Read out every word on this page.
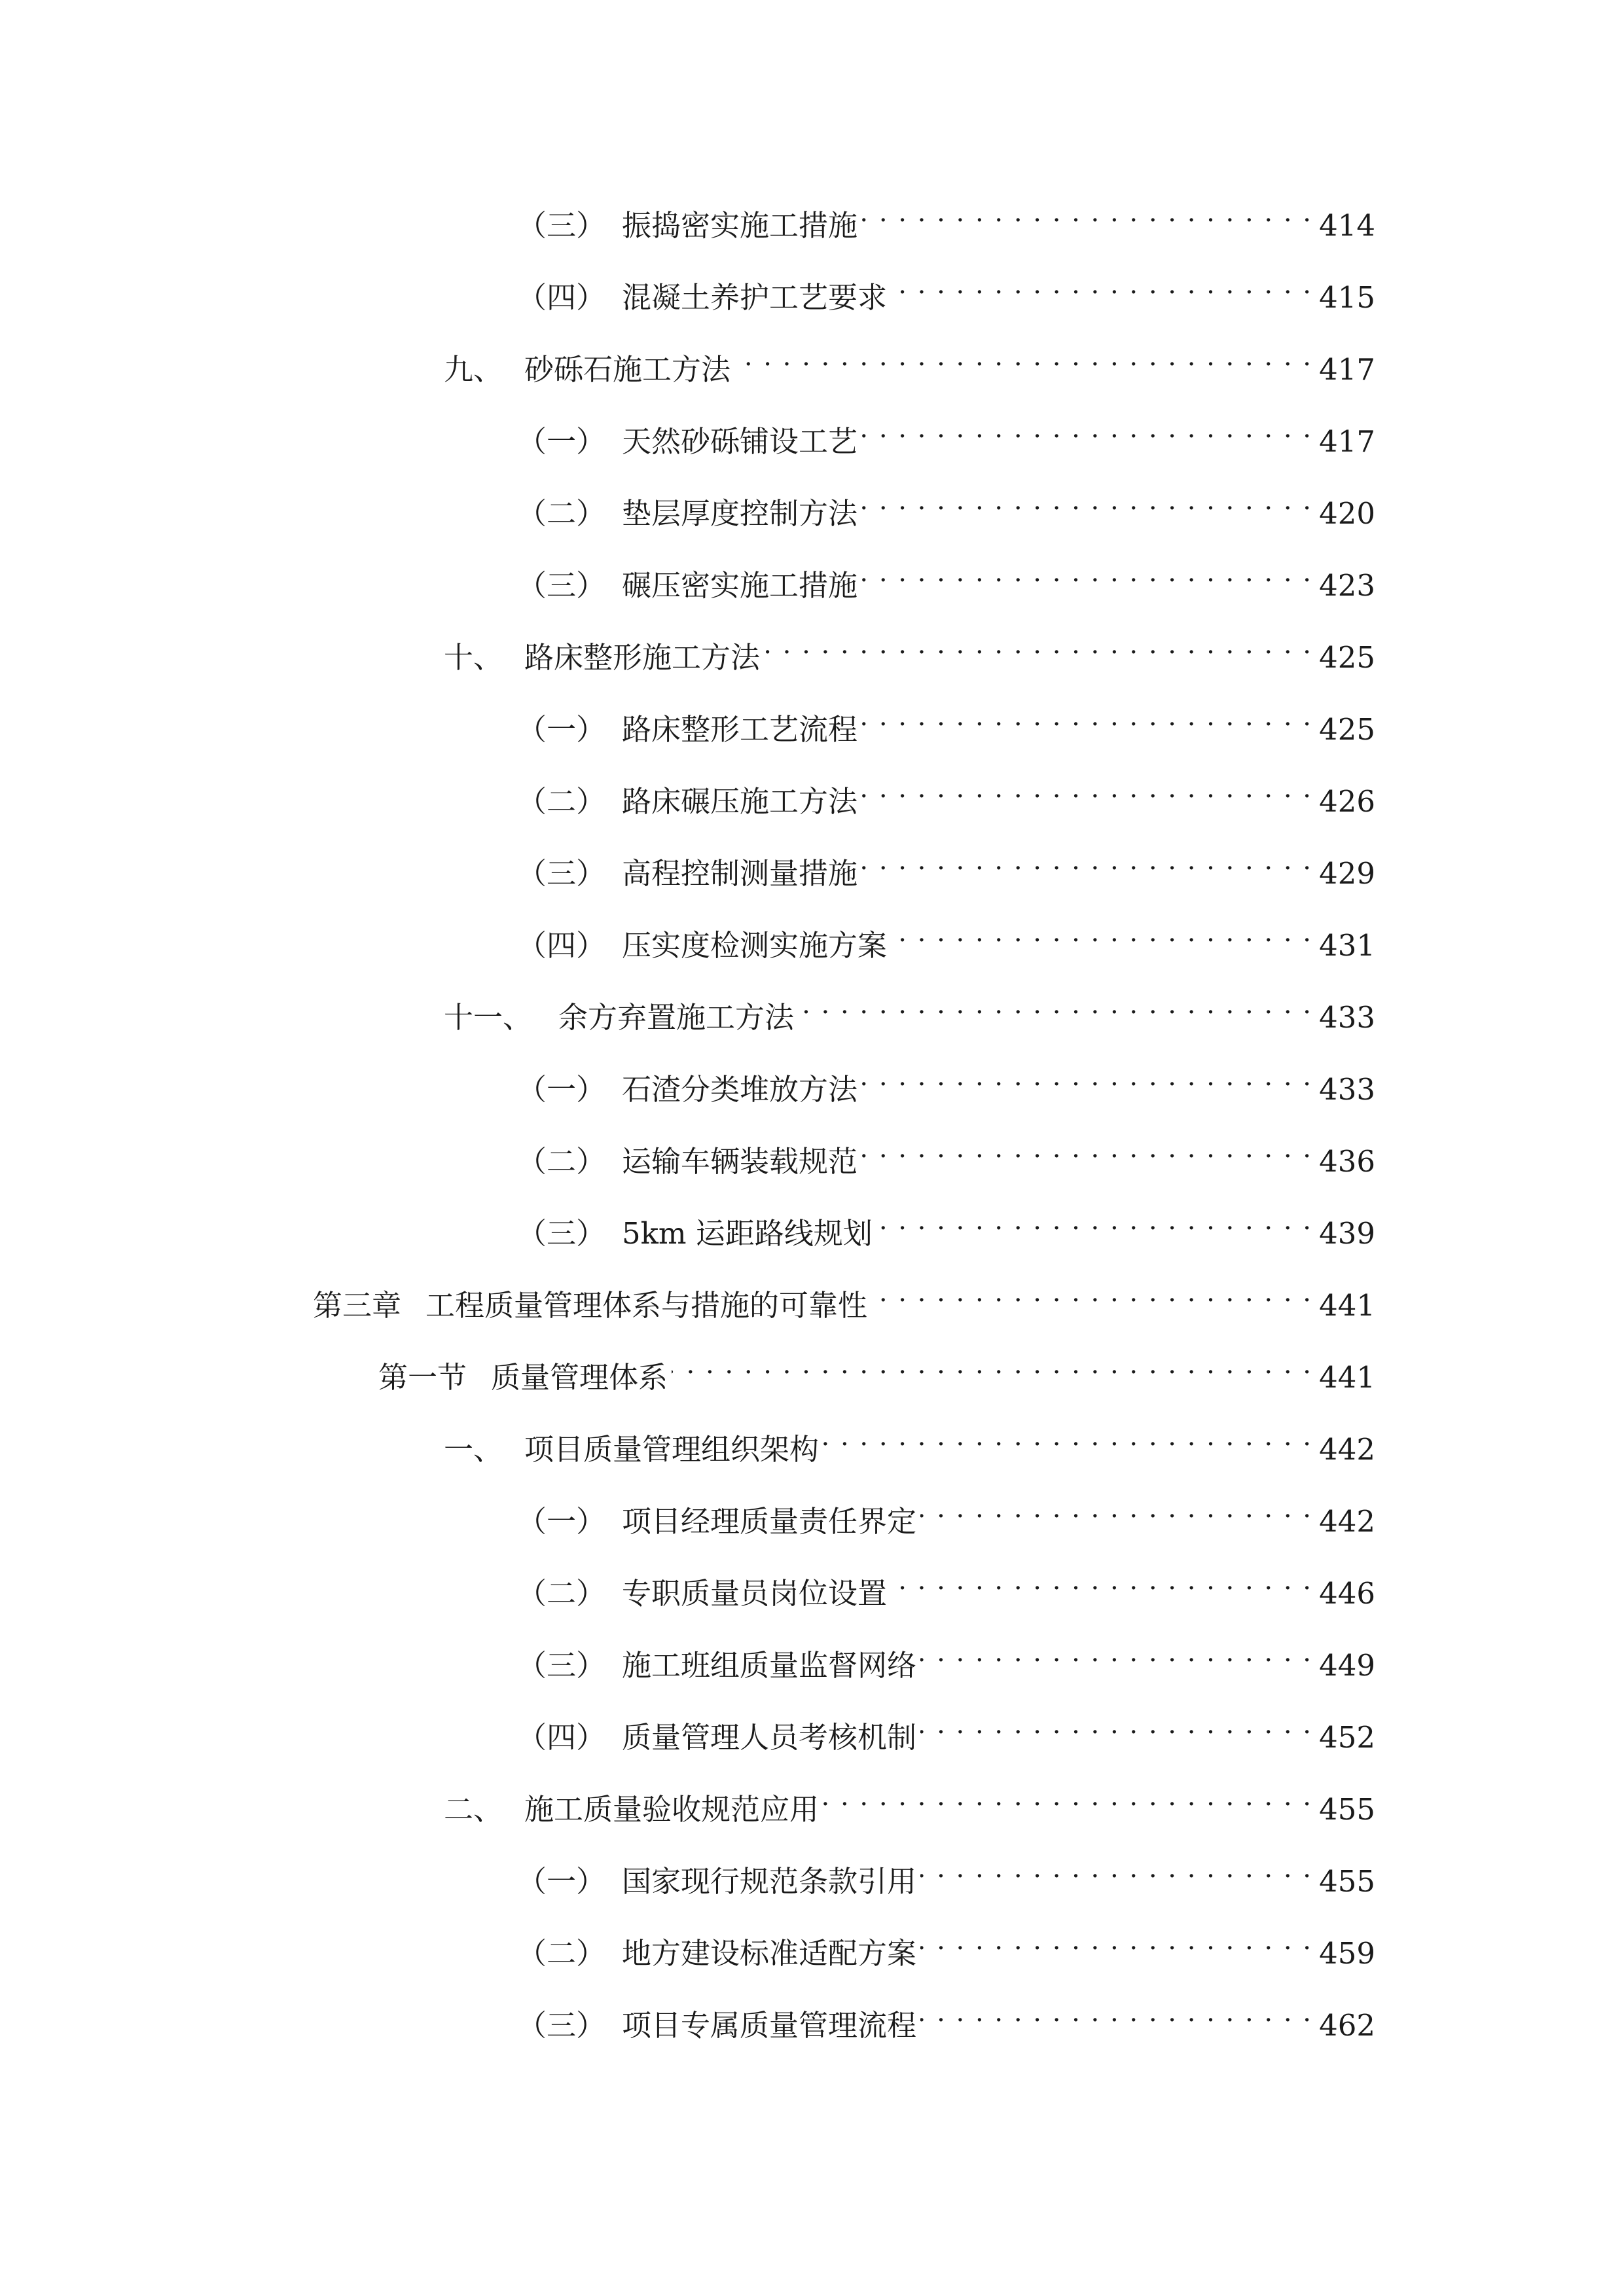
（三） 振捣密实施工措施 . . .	414
（四） 混凝土养护工艺要求 . . .	415
九、 砂砾石施工方法 . . .	417
（一） 天然砂砾铺设工艺 . . .	417
（二） 垫层厚度控制方法 . . .	420
（三） 碾压密实施工措施 . . .	423
十、 路床整形施工方法 . . .	425
（一） 路床整形工艺流程 . . .	425
（二） 路床碾压施工方法 . . .	426
（三） 高程控制测量措施 . . .	429
（四） 压实度检测实施方案 . . .	431
十一、 余方弃置施工方法 . . .	433
（一） 石渣分类堆放方法 . . .	433
（二） 运输车辆装载规范 . . .	436
（三） 5km 运距路线规划 . . .	439
第三章 工程质量管理体系与措施的可靠性 . . .	441
第一节 质量管理体系 . . .	441
一、 项目质量管理组织架构 . . .	442
（一） 项目经理质量责任界定 . . .	442
（二） 专职质量员岗位设置 . . .	446
（三） 施工班组质量监督网络 . . .	449
（四） 质量管理人员考核机制 . . .	452
二、 施工质量验收规范应用 . . .	455
（一） 国家现行规范条款引用 . . .	455
（二） 地方建设标准适配方案 . . .	459
（三） 项目专属质量管理流程 . . .	462
